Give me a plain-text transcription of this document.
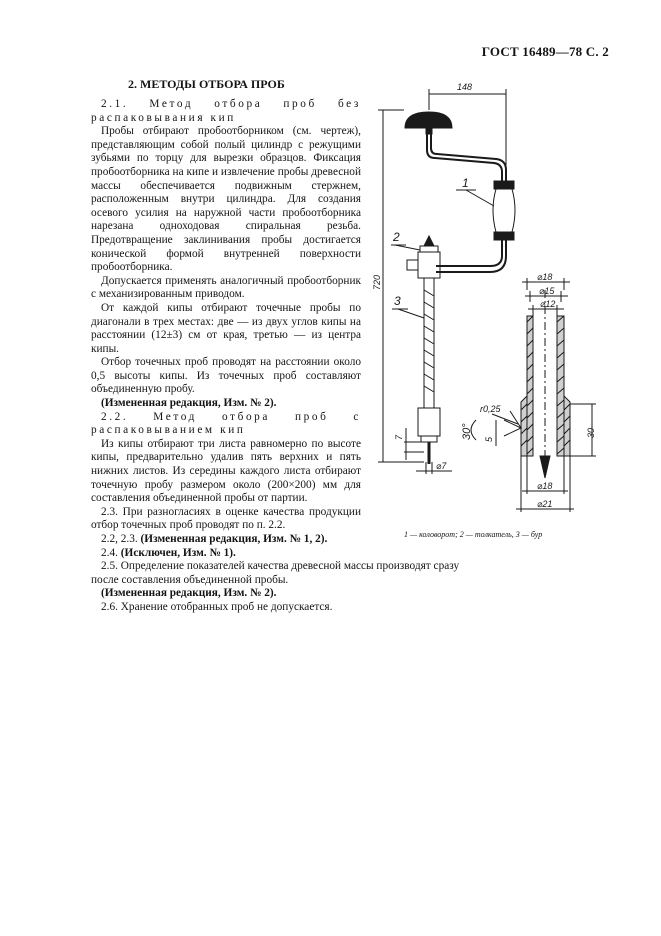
ГОСТ 16489—78 С. 2
2. МЕТОДЫ ОТБОРА ПРОБ

2.1. Метод отбора проб без распаковывания кип

Пробы отбирают пробоотборником (см. чертеж), представляющим собой полый цилиндр с режущими зубьями по торцу для вырезки образцов. Фиксация пробоотборника на кипе и извлечение пробы древесной массы обеспечивается подвижным стержнем, расположенным внутри цилиндра. Для создания осевого усилия на наружной части пробоотборника нарезана одноходовая спиральная резьба. Предотвращение заклинивания пробы достигается конической формой внутренней поверхности пробоотборника.

Допускается применять аналогичный пробоотборник с механизированным приводом.

От каждой кипы отбирают точечные пробы по диагонали в трех местах: две — из двух углов кипы на расстоянии (12±3) см от края, третью — из центра кипы.

Отбор точечных проб проводят на расстоянии около 0,5 высоты кипы. Из точечных проб составляют объединенную пробу.

(Измененная редакция, Изм. № 2).

2.2. Метод отбора проб с распаковыванием кип

Из кипы отбирают три листа равномерно по высоте кипы, предварительно удалив пять верхних и пять нижних листов. Из середины каждого листа отбирают точечную пробу размером около (200×200) мм для составления объединенной пробы от партии.

2.3. При разногласиях в оценке качества продукции отбор точечных проб проводят по п. 2.2.

2.2, 2.3. (Измененная редакция, Изм. № 1, 2).

2.4. (Исключен, Изм. № 1).

2.5. Определение показателей качества древесной массы производят сразу после составления объединенной пробы.

(Измененная редакция, Изм. № 2).

2.6. Хранение отобранных проб не допускается.

148
1
2
3
720
7
⌀7
⌀18
⌀15
⌀12
r0,25
30° 5
30
⌀18
⌀21
1 — коловорот; 2 — толкатель, 3 — бур
